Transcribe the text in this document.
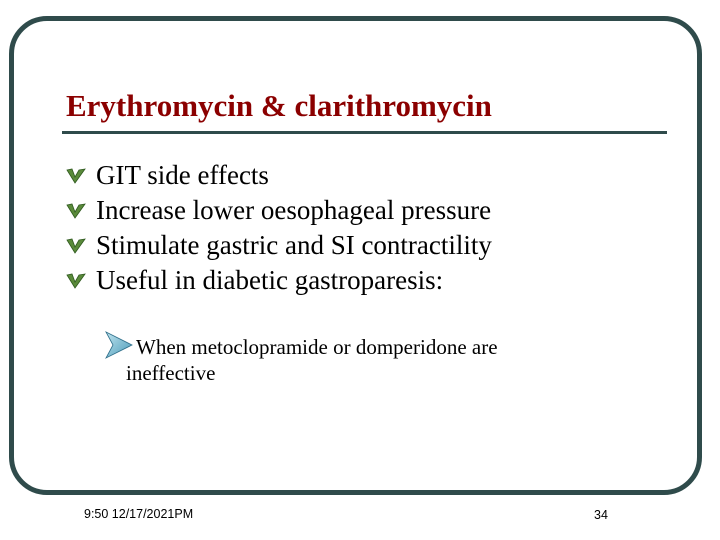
Erythromycin & clarithromycin
GIT side effects
Increase lower oesophageal pressure
Stimulate gastric and SI contractility
Useful in diabetic gastroparesis:
When metoclopramide or domperidone are
ineffective
9:50 12/17/2021PM	34
